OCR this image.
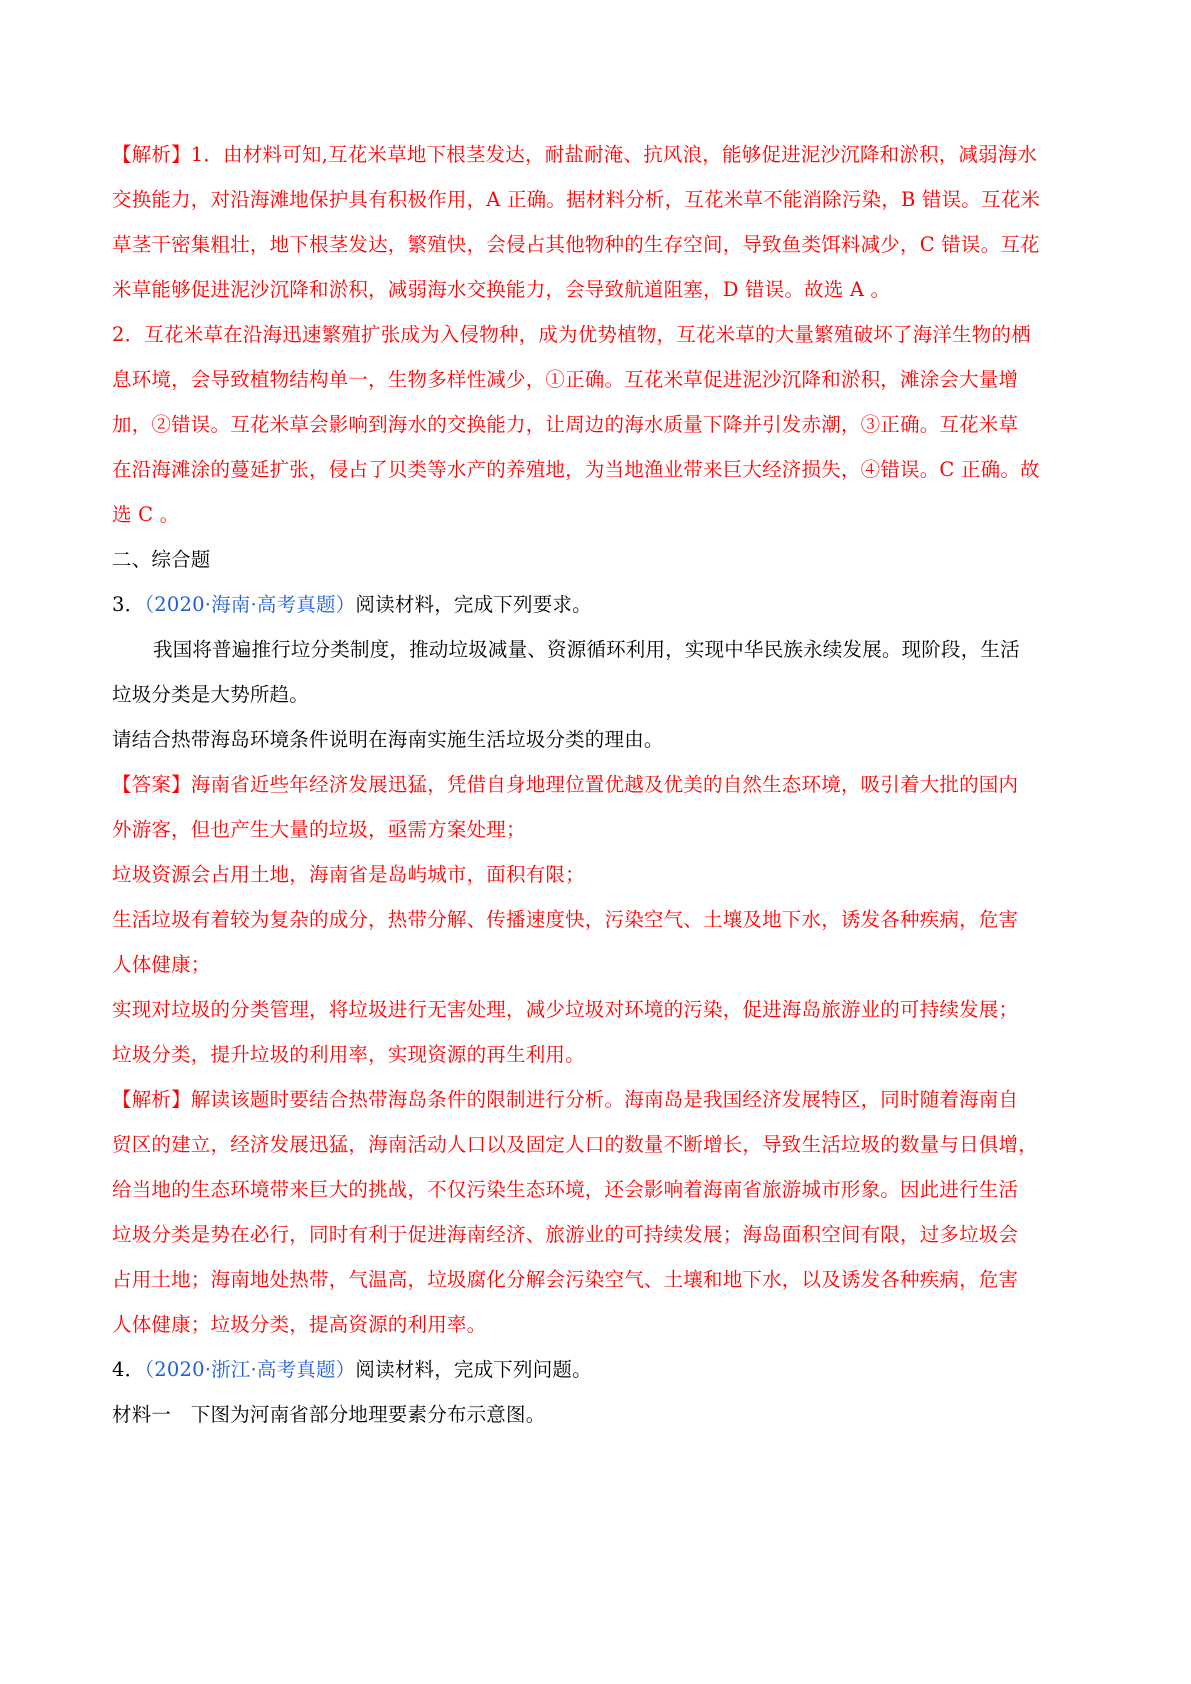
【解析】1．由材料可知,互花米草地下根茎发达，耐盐耐淹、抗风浪，能够促进泥沙沉降和淤积，减弱海水
交换能力，对沿海滩地保护具有积极作用，A 正确。据材料分析，互花米草不能消除污染，B 错误。互花米
草茎干密集粗壮，地下根茎发达，繁殖快，会侵占其他物种的生存空间，导致鱼类饵料减少，C 错误。互花
米草能够促进泥沙沉降和淤积，减弱海水交换能力，会导致航道阻塞，D 错误。故选 A 。
2．互花米草在沿海迅速繁殖扩张成为入侵物种，成为优势植物，互花米草的大量繁殖破坏了海洋生物的栖
息环境，会导致植物结构单一，生物多样性减少，①正确。互花米草促进泥沙沉降和淤积，滩涂会大量增
加，②错误。互花米草会影响到海水的交换能力，让周边的海水质量下降并引发赤潮，③正确。互花米草
在沿海滩涂的蔓延扩张，侵占了贝类等水产的养殖地，为当地渔业带来巨大经济损失，④错误。C 正确。故
选 C 。
二、综合题
3．（2020·海南·高考真题）阅读材料，完成下列要求。
我国将普遍推行垃分类制度，推动垃圾减量、资源循环利用，实现中华民族永续发展。现阶段，生活
垃圾分类是大势所趋。
请结合热带海岛环境条件说明在海南实施生活垃圾分类的理由。
【答案】海南省近些年经济发展迅猛，凭借自身地理位置优越及优美的自然生态环境，吸引着大批的国内
外游客，但也产生大量的垃圾，亟需方案处理；
垃圾资源会占用土地，海南省是岛屿城市，面积有限；
生活垃圾有着较为复杂的成分，热带分解、传播速度快，污染空气、土壤及地下水，诱发各种疾病，危害
人体健康；
实现对垃圾的分类管理，将垃圾进行无害处理，减少垃圾对环境的污染，促进海岛旅游业的可持续发展；
垃圾分类，提升垃圾的利用率，实现资源的再生利用。
【解析】解读该题时要结合热带海岛条件的限制进行分析。海南岛是我国经济发展特区，同时随着海南自
贸区的建立，经济发展迅猛，海南活动人口以及固定人口的数量不断增长，导致生活垃圾的数量与日俱增，
给当地的生态环境带来巨大的挑战，不仅污染生态环境，还会影响着海南省旅游城市形象。因此进行生活
垃圾分类是势在必行，同时有利于促进海南经济、旅游业的可持续发展；海岛面积空间有限，过多垃圾会
占用土地；海南地处热带，气温高，垃圾腐化分解会污染空气、土壤和地下水，以及诱发各种疾病，危害
人体健康；垃圾分类，提高资源的利用率。
4．（2020·浙江·高考真题）阅读材料，完成下列问题。
材料一　下图为河南省部分地理要素分布示意图。
